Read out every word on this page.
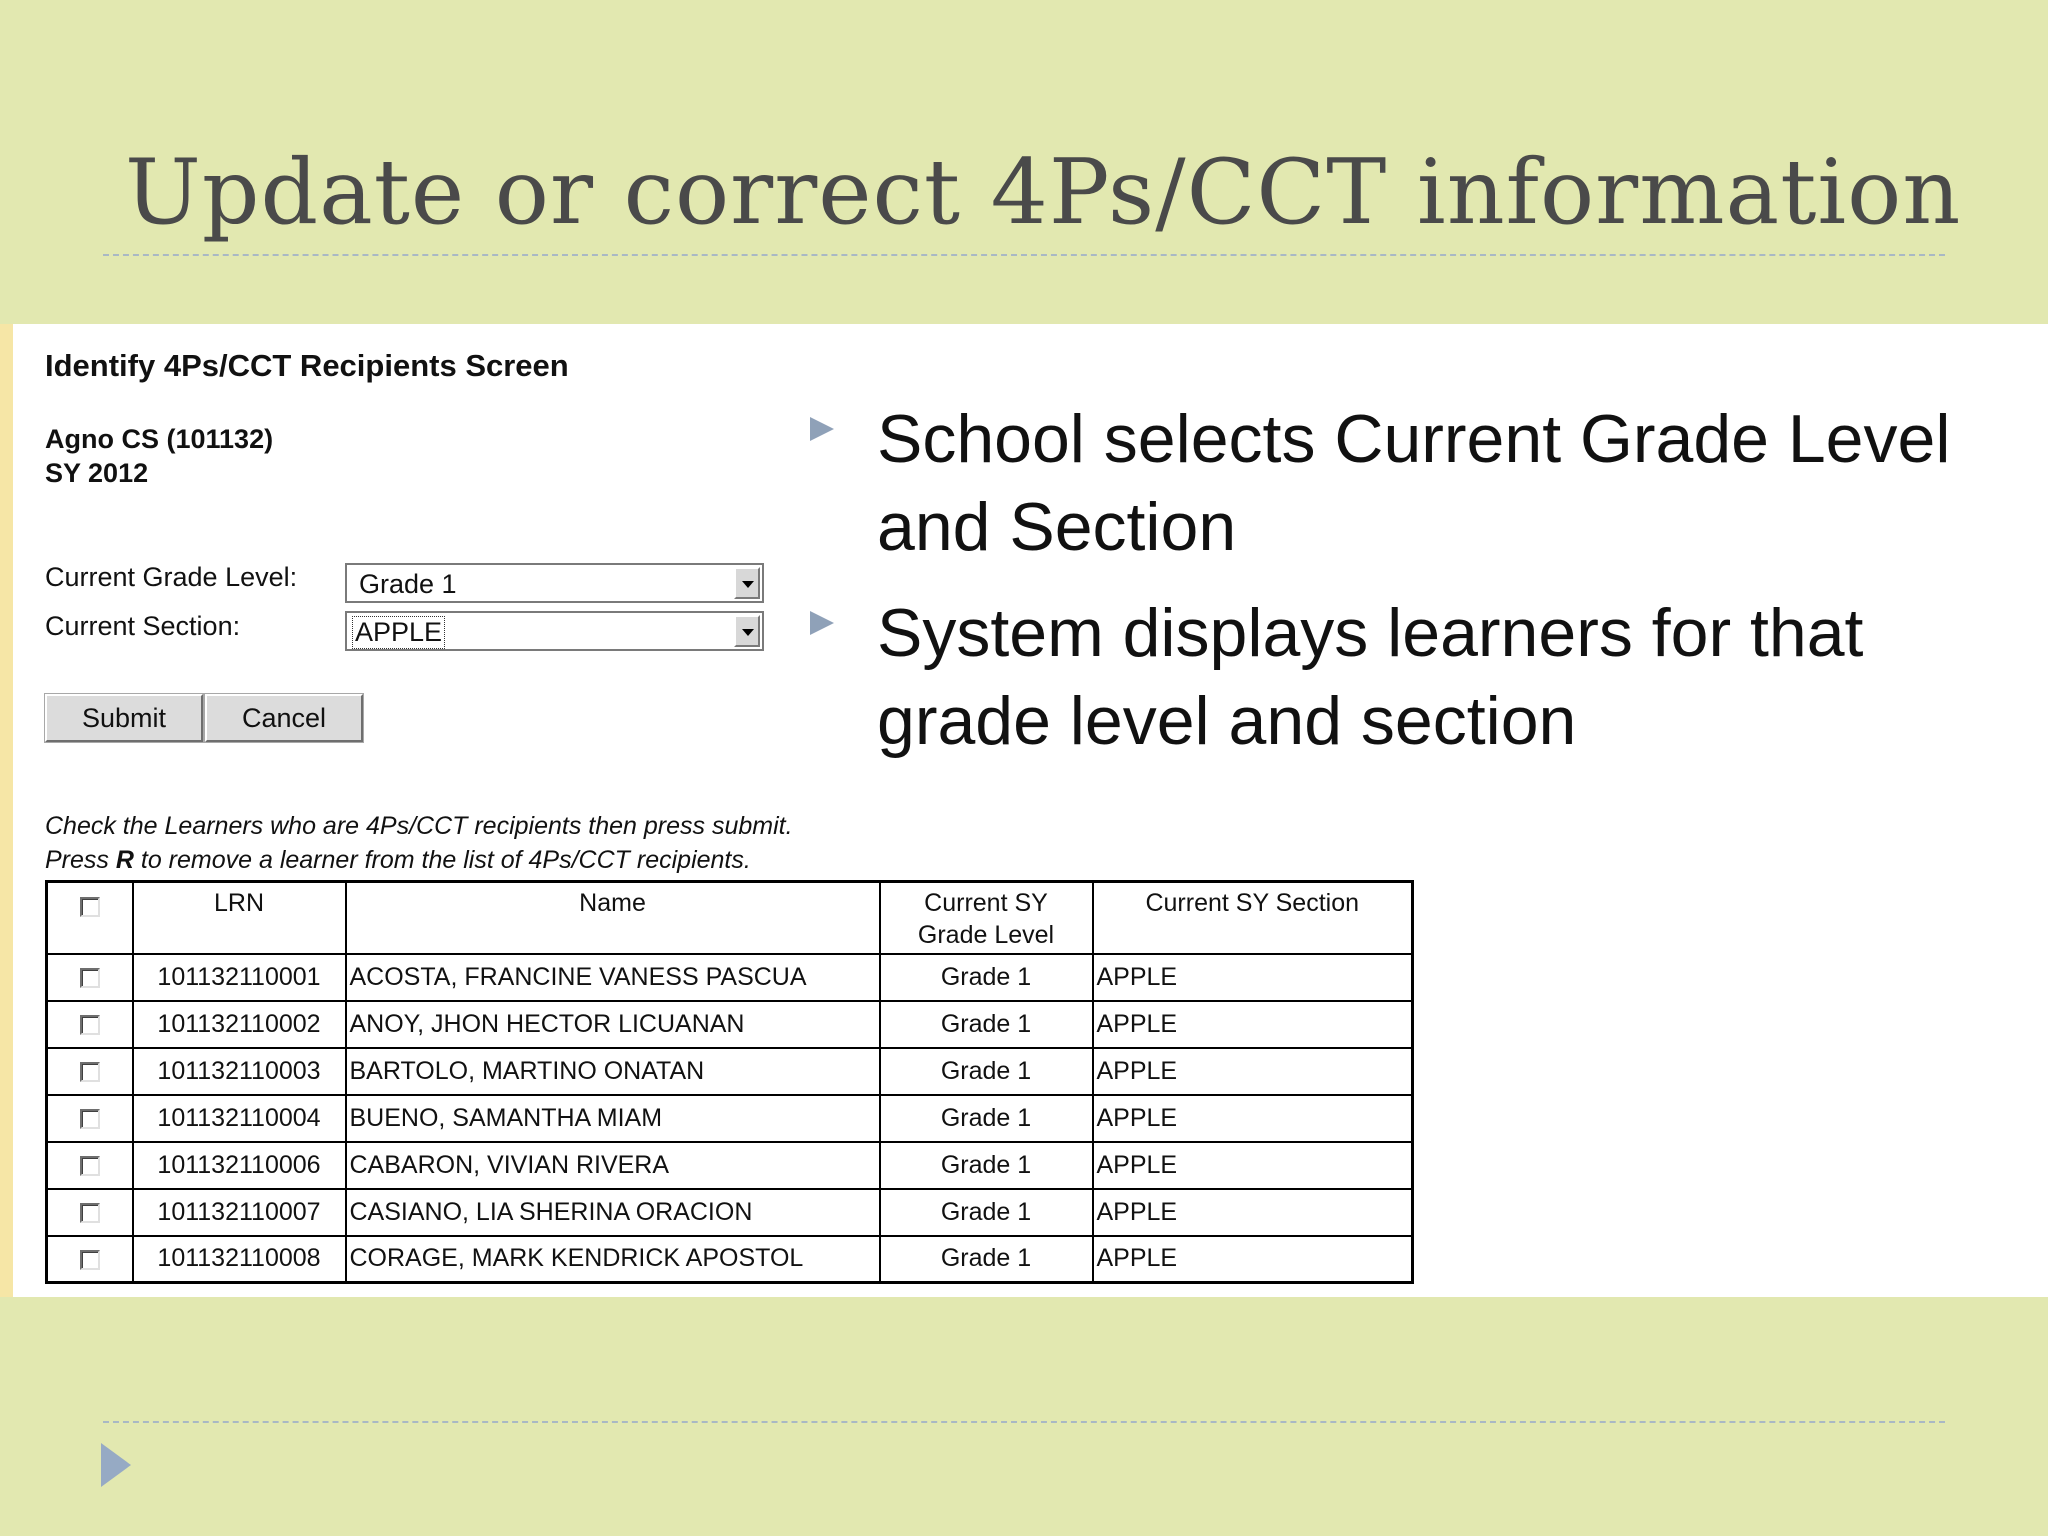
Update or correct 4Ps/CCT information
Identify 4Ps/CCT Recipients Screen
Agno CS (101132)
SY 2012
Current Grade Level: Grade 1
Current Section:	APPLE
Submit	Cancel
Check the Learners who are 4Ps/CCT recipients then press submit.
Press R to remove a learner from the list of 4Ps/CCT recipients.
	LRN	Name	Current SY
Grade Level	Current SY Section
	101132110001	ACOSTA, FRANCINE VANESS PASCUA	Grade 1	APPLE
	101132110002	ANOY, JHON HECTOR LICUANAN	Grade 1	APPLE
	101132110003	BARTOLO, MARTINO ONATAN	Grade 1	APPLE
	101132110004	BUENO, SAMANTHA MIAM	Grade 1	APPLE
	101132110006	CABARON, VIVIAN RIVERA	Grade 1	APPLE
	101132110007	CASIANO, LIA SHERINA ORACION	Grade 1	APPLE
	101132110008	CORAGE, MARK KENDRICK APOSTOL	Grade 1	APPLE
School selects Current Grade Level and Section
System displays learners for that grade level and section
